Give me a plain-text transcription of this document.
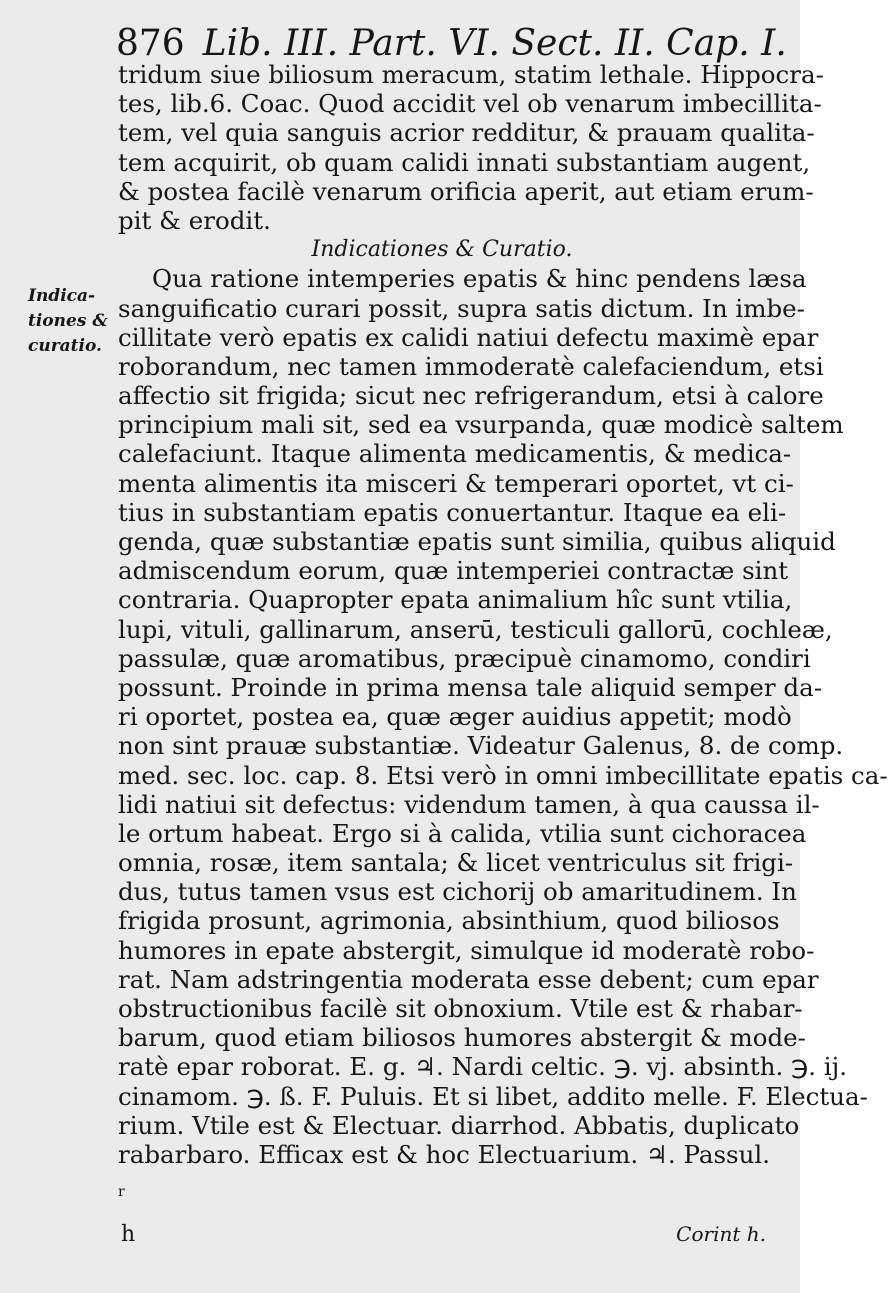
876 Lib. III. Part. VI. Sect. II. Cap. I.
Indica-
tiones &
curatio.
tridum siue biliosum meracum, statim lethale. Hippocra-
tes, lib.6. Coac. Quod accidit vel ob venarum imbecillita-
tem, vel quia sanguis acrior redditur, & prauam qualita-
tem acquirit, ob quam calidi innati substantiam augent,
& postea facilè venarum orificia aperit, aut etiam erum-
pit & erodit.
Indicationes & Curatio.
Qua ratione intemperies epatis & hinc pendens læsa
sanguificatio curari possit, supra satis dictum. In imbe-
cillitate verò epatis ex calidi natiui defectu maximè epar
roborandum, nec tamen immoderatè calefaciendum, etsi
affectio sit frigida; sicut nec refrigerandum, etsi à calore
principium mali sit, sed ea vsurpanda, quæ modicè saltem
calefaciunt. Itaque alimenta medicamentis, & medica-
menta alimentis ita misceri & temperari oportet, vt ci-
tius in substantiam epatis conuertantur. Itaque ea eli-
genda, quæ substantiæ epatis sunt similia, quibus aliquid
admiscendum eorum, quæ intemperiei contractæ sint
contraria. Quapropter epata animalium hîc sunt vtilia,
lupi, vituli, gallinarum, anserū, testiculi gallorū, cochleæ,
passulæ, quæ aromatibus, præcipuè cinamomo, condiri
possunt. Proinde in prima mensa tale aliquid semper da-
ri oportet, postea ea, quæ æger auidius appetit; modò
non sint prauæ substantiæ. Videatur Galenus, 8. de comp.
med. sec. loc. cap. 8. Etsi verò in omni imbecillitate epatis ca-
lidi natiui sit defectus: videndum tamen, à qua caussa il-
le ortum habeat. Ergo si à calida, vtilia sunt cichoracea
omnia, rosæ, item santala; & licet ventriculus sit frigi-
dus, tutus tamen vsus est cichorij ob amaritudinem. In
frigida prosunt, agrimonia, absinthium, quod biliosos
humores in epate abstergit, simulque id moderatè robo-
rat. Nam adstringentia moderata esse debent; cum epar
obstructionibus facilè sit obnoxium. Vtile est & rhabar-
barum, quod etiam biliosos humores abstergit & mode-
ratè epar roborat. E. g. ♃. Nardi celtic. ℈. vj. absinth. ℈. ij.
cinamom. ℈. ß. F. Puluis. Et si libet, addito melle. F. Electua-
rium. Vtile est & Electuar. diarrhod. Abbatis, duplicato
rabarbaro. Efficax est & hoc Electuarium. ♃. Passul.
r
h	Corint h.
